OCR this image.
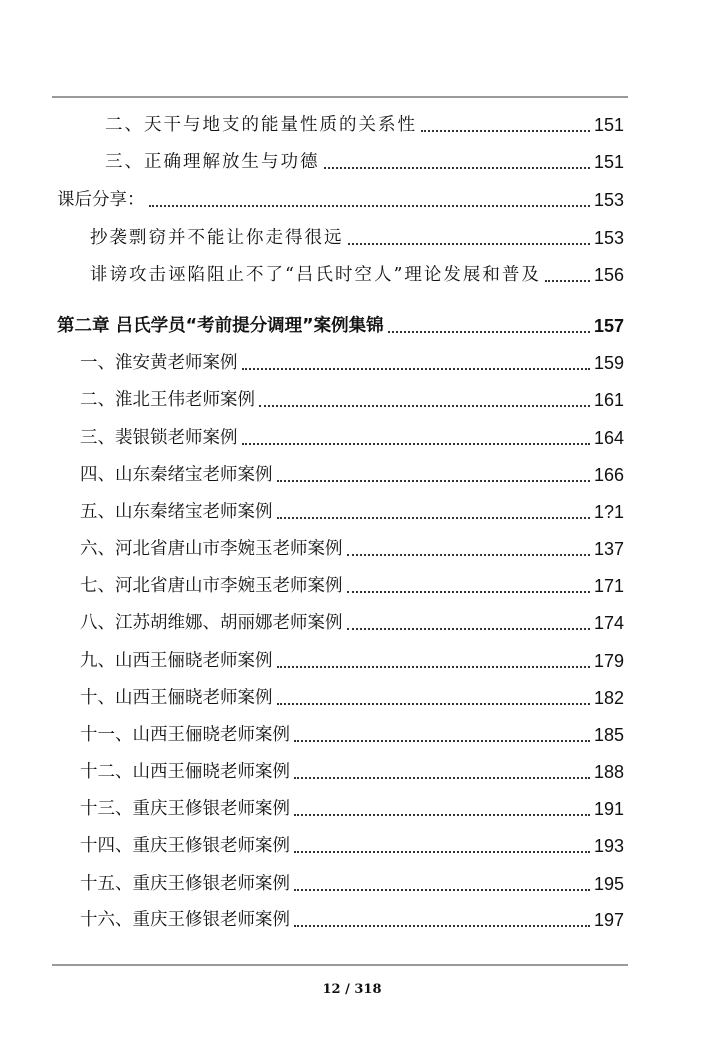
二、天干与地支的能量性质的关系性	151
三、正确理解放生与功德	151
课后分享：	153
抄袭剽窃并不能让你走得很远	153
诽谤攻击诬陷阻止不了“吕氏时空人”理论发展和普及	156
第二章 吕氏学员“考前提分调理”案例集锦	157
一、淮安黄老师案例	159
二、淮北王伟老师案例	161
三、裴银锁老师案例	164
四、山东秦绪宝老师案例	166
五、山东秦绪宝老师案例	1?1
六、河北省唐山市李婉玉老师案例	137
七、河北省唐山市李婉玉老师案例	171
八、江苏胡维娜、胡丽娜老师案例	174
九、山西王俪晓老师案例	179
十、山西王俪晓老师案例	182
十一、山西王俪晓老师案例	185
十二、山西王俪晓老师案例	188
十三、重庆王修银老师案例	191
十四、重庆王修银老师案例	193
十五、重庆王修银老师案例	195
十六、重庆王修银老师案例	197
12 / 318
